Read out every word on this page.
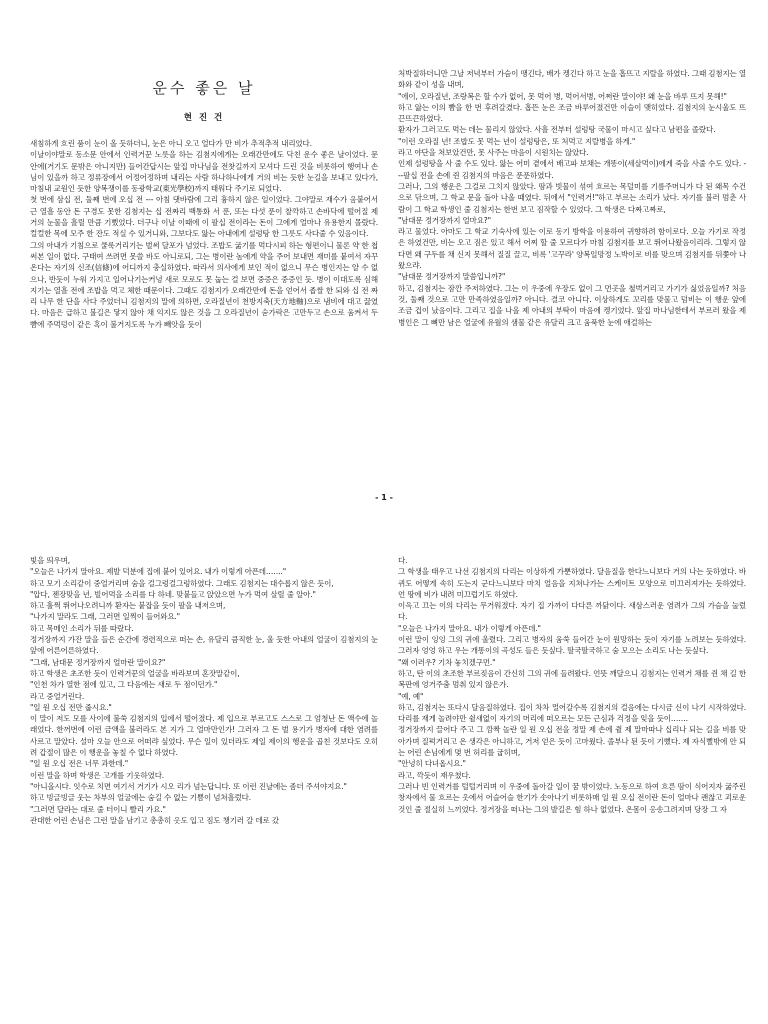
운수 좋은 날
현 진 건

새침하게 흐린 품이 눈이 올 듯하더니, 눈은 아니 오고 얼다가 만 비가 추적추적 내리었다.

이날이야말로 동소문 안에서 인력거꾼 노릇을 하는 김첨지에게는 오래간만에도 닥친 운수 좋은 날이었다. 문 안에(거기도 문밖은 아니지만) 들어간답시는 앞집 마나님을 전찻길까지 모셔다 드린 것을 비롯하여 행여나 손님이 있을까 하고 정류장에서 어정어정하며 내리는 사람 하나하나에게 거의 비는 듯한 눈길을 보내고 있다가, 마침내 교원인 듯한 양복쟁이를 동광학교(東光學校)까지 태워다 주기로 되었다.

첫 번에 삼십 전, 둘째 번에 오십 전 --- 아침 댓바람에 그리 흉하지 않은 일이었다. 그야말로 재수가 옴붙어서 근 열흘 동안 돈 구경도 못한 김첨지는 십 전짜리 백통화 서 푼, 또는 다섯 푼이 찰깍하고 손바닥에 떨어질 제 거의 눈물을 흘릴 만큼 기뻤었다. 더구나 이날 이때에 이 팔십 전이라는 돈이 그에게 얼마나 유용한지 몰랐다. 컬컬한 목에 모주 한 잔도 적실 수 있거니와, 그보다도 앓는 아내에게 설렁탕 한 그릇도 사다줄 수 있음이다.

그의 아내가 기침으로 쿨룩거리기는 벌써 달포가 넘었다. 조밥도 굶기를 먹다시피 하는 형편이니 물론 약 한 첩 써본 일이 없다. 구태여 쓰려면 못쓸 바도 아니로되, 그는 병이란 놈에게 약을 주어 보내면 재미를 붙여서 자꾸 온다는 자기의 신조(信條)에 어디까지 충실하였다. 따라서 의사에게 보인 적이 없으니 무슨 병인지는 알 수 없으나, 반듯이 누워 가지고 일어나기는커녕 새로 모로도 못 눕는 걸 보면 중증은 중증인 듯. 병이 이대도록 심해지기는 열흘 전에 조밥을 먹고 체한 때문이다. 그때도 김첨지가 오래간만에 돈을 얻어서 좁쌀 한 되와 십 전 짜리 나무 한 단을 사다 주었더니 김첨지의 말에 의하면, 오라질년이 천방지축(天方地軸)으로 냄비에 대고 끓였다. 마음은 급하고 불길은 닿지 않아 채 익지도 않은 것을 그 오라질년이 숟가락은 고만두고 손으로 움켜서 두 뺨에 주먹덩이 같은 혹이 불거지도록 누가 빼앗을 듯이

처박질하더니만 그날 저녁부터 가슴이 땡긴다, 배가 켕긴다 하고 눈을 홉뜨고 지랄을 하였다. 그때 김첨지는 열화와 같이 성을 내며,

"에이, 오라질년, 조랑복은 할 수가 없어, 못 먹어 병, 먹어서병, 어쩌란 말이야! 왜 눈을 바루 뜨지 못해!"

하고 앓는 이의 뺨을 한 번 후려갈겼다. 홉뜬 눈은 조금 바루어졌건만 이슬이 맺히었다. 김첨지의 눈시울도 뜨끈뜨끈하였다.

환자가 그러고도 먹는 데는 물리지 않았다. 사흘 전부터 설렁탕 국물이 마시고 싶다고 남편을 졸랐다.

"이런 오라질 년! 조밥도 못 먹는 년이 설렁탕은, 또 처먹고 지랄병을 하게."

라고 야단을 쳐보았건만, 못 사주는 마음이 시원치는 않았다.

인제 설렁탕을 사 줄 수도 있다. 앓는 어미 곁에서 배고파 보채는 개똥이(세살먹이)에게 죽을 사줄 수도 있다. ---팔십 전을 손에 쥔 김첨지의 마음은 푼푼하였다.

그러나, 그의 행운은 그걸로 그치지 않았다. 땀과 빗물이 섞여 흐르는 목덜미를 기름주머니가 다 된 왜목 수건으로 닦으며, 그 학교 문을 돌아 나올 때였다. 뒤에서 "인력거!"하고 부르는 소리가 났다. 자기를 불러 멈춘 사람이 그 학교 학생인 줄 김첨지는 한번 보고 짐작할 수 있었다. 그 학생은 다짜고짜로,

"남대문 정거장까지 얼마요?"

라고 물었다. 아마도 그 학교 기숙사에 있는 이로 동기 방학을 이용하여 귀향하려 함이로다. 오늘 가기로 작정은 하였건만, 비는 오고 짐은 있고 해서 어찌 할 줄 모르다가 마침 김첨지를 보고 뛰어나왔음이리라. 그렇지 않다면 왜 구두를 채 신지 못해서 질질 끌고, 비록 '고꾸라' 양복일망정 노박이로 비를 맞으며 김첨지를 뒤쫓아 나왔으랴.

"남대문 정거장까지 말씀입니까?"

하고, 김첨지는 잠깐 주저하였다. 그는 이 우중에 우장도 없이 그 먼곳을 철벅거리고 가기가 싫었음일까? 처음 것, 둘째 것으로 고만 만족하였음일까? 아니다. 결코 아니다. 이상하게도 꼬리를 맞물고 덤비는 이 행운 앞에 조금 겁이 났음이다. 그리고 집을 나올 제 아내의 부탁이 마음에 켕기었다. 앞집 마나님한테서 부르러 왔을 제 병인은 그 뼈만 남은 얼굴에 유월의 샘물 같은 유달리 크고 움푹한 눈에 애걸하는

- 1 -

빛을 띄우며,

"오늘은 나가지 말아요. 제발 덕분에 집에 붙어 있어요. 내가 이렇게 아픈데……."

하고 모기 소리같이 중얼거리며 숨을 걸그렁걸그렁하였다. 그래도 김첨지는 대수롭지 않은 듯이,

"압다, 젠장맞을 년, 빌어먹을 소리를 다 하네. 맞붙들고 앉았으면 누가 먹여 살릴 줄 알아."

하고 훌쩍 뛰어나오려니까 환자는 붙잡을 듯이 팔을 내저으며,

"나가지 말라도 그래, 그러면 일찍이 들어와요."

하고 목메인 소리가 뒤를 따랐다.

정거장까지 가잔 말을 들은 순간에 경련적으로 떠는 손, 유달리 큼직한 눈, 울 듯한 아내의 얼굴이 김첨지의 눈앞에 어른어른하였다.

"그래, 남대문 정거장까지 얼마란 말이요?"

하고 학생은 초조한 듯이 인력거꾼의 얼굴을 바라보며 혼잣말같이,

"인천 차가 열한 점에 있고, 그 다음에는 새로 두 점이던가."

라고 중얼거린다.

"일 원 오십 전만 줍시요."

이 말이 저도 모를 사이에 불쑥 김첨지의 입에서 떨어졌다. 제 입으로 부르고도 스스로 그 엄청난 돈 액수에 놀래었다. 한꺼번에 이런 금액을 불러라도 본 지가 그 얼마만인가! 그러자 그 돈 벌 용기가 병자에 대한 염려를 사르고 말았다. 설마 오늘 안으로 어떠랴 싶었다. 무슨 일이 있더라도 제일 제이의 행운을 곱친 것보다도 오히려 갑절이 많은 이 행운을 놓칠 수 없다 하였다.

"일 원 오십 전은 너무 과한데."

이런 말을 하며 학생은 고개를 기웃하였다.

"아니올시다. 잇수로 치면 여기서 거기가 시오 리가 넘는답니다. 또 이런 진날에는 좀더 주셔야지요."

하고 빙글빙글 웃는 차부의 얼굴에는 숨길 수 없는 기쁨이 넘쳐흘렀다.

"그러면 달라는 대로 줄 터이니 빨리 가요."

관대한 어린 손님은 그런 말을 남기고 총총히 옷도 입고 짐도 챙기러 갈 데로 갔

다.

그 학생을 태우고 나선 김첨지의 다리는 이상하게 가뿐하였다. 달음질을 한다느니보다 거의 나는 듯하였다. 바퀴도 어떻게 속히 도는지 군다느니보다 마치 얼음을 지쳐나가는 스케이트 모양으로 미끄러져가는 듯하였다. 언 땅에 비가 내려 미끄럽기도 하였다.

이윽고 끄는 이의 다리는 무거워졌다. 자기 집 가까이 다다른 까닭이다. 새삼스러운 염려가 그의 가슴을 눌렀다.

"오늘은 나가지 말아요. 내가 이렇게 아픈데."

이런 말이 잉잉 그의 귀에 울렸다. 그리고 병자의 움쑥 들어간 눈이 원망하는 듯이 자기를 노려보는 듯하였다. 그러자 엉엉 하고 우는 개똥이의 곡성도 들은 듯싶다. 딸국딸국하고 숨 모으는 소리도 나는 듯싶다.

"왜 이러우? 기차 놓치겠구먼."

하고, 탄 이의 초조한 부르짖음이 간신히 그의 귀에 들려왔다. 언뜻 깨달으니 김첨지는 인력거 채를 쥔 채 길 한복판에 엉거주춤 멈춰 있지 않은가.

"예, 예"

하고, 김첨지는 또다시 달음질하였다. 집이 차차 멀어갈수록 김첨지의 걸음에는 다시금 신이 나기 시작하였다. 다리를 재게 놀려야만 쉴새없이 자기의 머리에 떠오르는 모든 근심과 걱정을 잊을 듯이…….

정거장까지 끌어다 주고 그 깜짝 놀란 일 원 오십 전을 정말 제 손에 쥘 제 말마따나 십리나 되는 길을 비를 맞아가며 질퍽거리고 온 생각은 아니하고, 거저 얻은 듯이 고마웠다. 졸부나 된 듯이 기뻤다. 제 자식뻘밖에 안 되는 어린 손님에게 몇 번 허리를 굽히며,

"안녕히 다녀옵시요."

라고, 깍듯이 재우쳤다.

그러나 빈 인력거를 털털거리며 이 우중에 돌아갈 일이 꿈 밖이었다. 노동으로 하여 흐른 땀이 식어지자 굶주린 창자에서 물 흐르는 옷에서 어슬어슬 한기가 솟아나기 비롯하매 일 원 오십 전이란 돈이 얼마나 괜찮고 괴로운 것인 줄 절실히 느끼었다. 정거장을 떠나는 그의 발길은 힘 하나 없었다. 온몸이 옹송그려지며 당장 그 자
